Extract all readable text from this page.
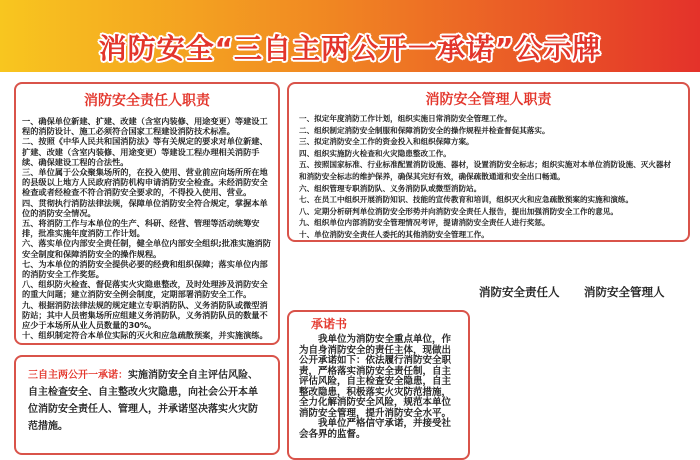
消防安全“三自主两公开一承诺”公示牌
消防安全责任人职责

一、确保单位新建、扩建、改建（含室内装修、用途变更）等建设工程的消防设计、施工必须符合国家工程建设消防技术标准。

二、按照《中华人民共和国消防法》等有关规定的要求对单位新建、扩建、改建（含室内装修、用途变更）等建设工程办理相关消防手续、确保建设工程的合法性。

三、单位属于公众聚集场所的，在投入使用、营业前应向场所所在地的县级以上地方人民政府消防机构申请消防安全检查。未经消防安全检查或者经检查不符合消防安全要求的，不得投入使用、营业。

四、贯彻执行消防法律法规，保障单位消防安全符合规定，掌握本单位的消防安全情况。

五、将消防工作与本单位的生产、科研、经营、管理等活动统筹安排，批准实施年度消防工作计划。

六、落实单位内部安全责任制，健全单位内部安全组织;批准实施消防安全制度和保障消防安全的操作规程。

七、为本单位的消防安全提供必要的经费和组织保障；落实单位内部的消防安全工作奖惩。

八、组织防火检查、督促落实火灾隐患整改，及时处理涉及消防安全的重大问题；建立消防安全例会制度，定期部署消防安全工作。

九、根据消防法律法规的规定建立专职消防队、义务消防队或微型消防站；其中人员密集场所应组建义务消防队，义务消防队员的数量不应少于本场所从业人员数量的30%。

十、组织制定符合本单位实际的灭火和应急疏散预案，并实施演练。

消防安全管理人职责

一、拟定年度消防工作计划，组织实施日常消防安全管理工作。

二、组织制定消防安全制服和保障消防安全的操作规程并检查督促其落实。

三、拟定消防安全工作的资金投入和组织保障方案。

四、组织实施防火检查和火灾隐患整改工作。

五、按照国家标准、行业标准配置消防设施、器材，设置消防安全标志；组织实施对本单位消防设施、灭火器材和消防安全标志的维护保养，确保其完好有效，确保疏散通道和安全出口畅通。

六、组织管理专职消防队、义务消防队或微型消防站。

七、在员工中组织开展消防知识、技能的宣传教育和培训，组织灭火和应急疏散预案的实施和演练。

八、定期分析研判单位消防安全形势并向消防安全责任人报告，提出加强消防安全工作的意见。

九、组织单位内部消防安全管理情况考评，提请消防安全责任人进行奖惩。

十、单位消防安全责任人委托的其他消防安全管理工作。

三自主两公开一承诺：实施消防安全自主评估风险、自主检查安全、自主整改火灾隐患，向社会公开本单位消防安全责任人、管理人，并承诺坚决落实火灾防范措施。

承诺书

我单位为消防安全重点单位，作为自身消防安全的责任主体，现做出公开承诺如下：依法履行消防安全职责，严格落实消防安全责任制，自主评估风险，自主检查安全隐患，自主整改隐患，积极落实火灾防范措施，全力化解消防安全风险，规范本单位消防安全管理，提升消防安全水平。

我单位严格信守承诺，并接受社会各界的监督。

消防安全责任人 消防安全管理人
